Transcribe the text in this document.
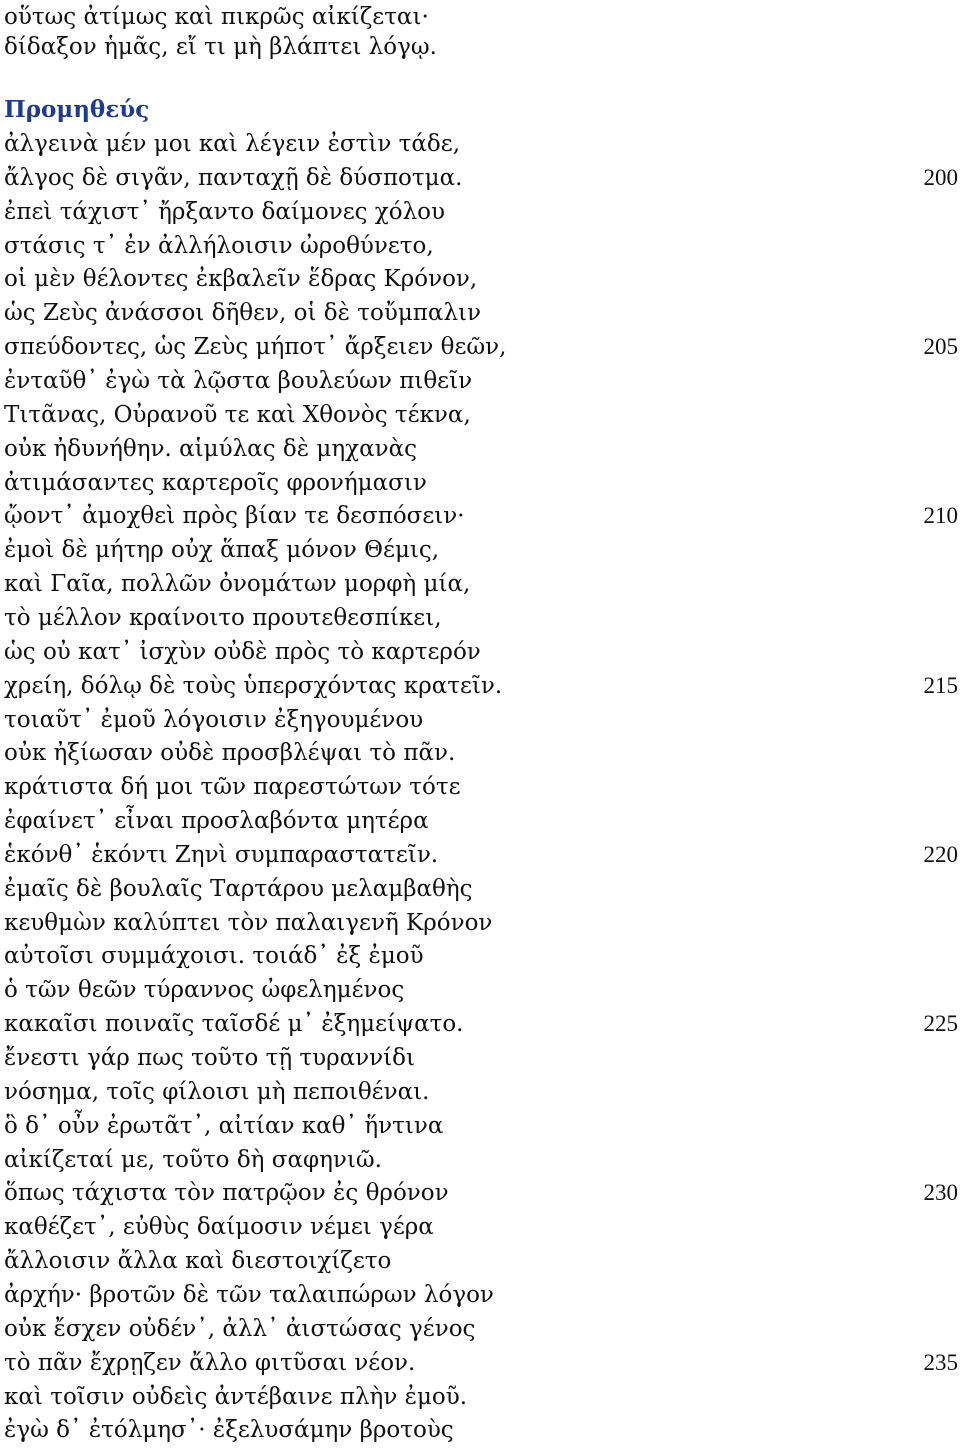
οὕτως ἀτίμως καὶ πικρῶς αἰκίζεται·
δίδαξον ἡμᾶς, εἴ τι μὴ βλάπτει λόγῳ.
Προμηθεύς
ἀλγεινὰ μέν μοι καὶ λέγειν ἐστὶν τάδε,
ἄλγος δὲ σιγᾶν, πανταχῇ δὲ δύσποτμα.	200
ἐπεὶ τάχιστ᾽ ἤρξαντο δαίμονες χόλου
στάσις τ᾽ ἐν ἀλλήλοισιν ὠροθύνετο,
οἱ μὲν θέλοντες ἐκβαλεῖν ἕδρας Κρόνον,
ὡς Ζεὺς ἀνάσσοι δῆθεν, οἱ δὲ τοὔμπαλιν
σπεύδοντες, ὡς Ζεὺς μήποτ᾽ ἄρξειεν θεῶν,	205
ἐνταῦθ᾽ ἐγὼ τὰ λῷστα βουλεύων πιθεῖν
Τιτᾶνας, Οὐρανοῦ τε καὶ Χθονὸς τέκνα,
οὐκ ἠδυνήθην. αἱμύλας δὲ μηχανὰς
ἀτιμάσαντες καρτεροῖς φρονήμασιν
ᾤοντ᾽ ἀμοχθεὶ πρὸς βίαν τε δεσπόσειν·	210
ἐμοὶ δὲ μήτηρ οὐχ ἅπαξ μόνον Θέμις,
καὶ Γαῖα, πολλῶν ὀνομάτων μορφὴ μία,
τὸ μέλλον κραίνοιτο προυτεθεσπίκει,
ὡς οὐ κατ᾽ ἰσχὺν οὐδὲ πρὸς τὸ καρτερόν
χρείη, δόλῳ δὲ τοὺς ὑπερσχόντας κρατεῖν.	215
τοιαῦτ᾽ ἐμοῦ λόγοισιν ἐξηγουμένου
οὐκ ἠξίωσαν οὐδὲ προσβλέψαι τὸ πᾶν.
κράτιστα δή μοι τῶν παρεστώτων τότε
ἐφαίνετ᾽ εἶναι προσλαβόντα μητέρα
ἑκόνθ᾽ ἑκόντι Ζηνὶ συμπαραστατεῖν.	220
ἐμαῖς δὲ βουλαῖς Ταρτάρου μελαμβαθὴς
κευθμὼν καλύπτει τὸν παλαιγενῆ Κρόνον
αὐτοῖσι συμμάχοισι. τοιάδ᾽ ἐξ ἐμοῦ
ὁ τῶν θεῶν τύραννος ὠφελημένος
κακαῖσι ποιναῖς ταῖσδέ μ᾽ ἐξημείψατο.	225
ἔνεστι γάρ πως τοῦτο τῇ τυραννίδι
νόσημα, τοῖς φίλοισι μὴ πεποιθέναι.
ὃ δ᾽ οὖν ἐρωτᾶτ᾽, αἰτίαν καθ᾽ ἥντινα
αἰκίζεταί με, τοῦτο δὴ σαφηνιῶ.
ὅπως τάχιστα τὸν πατρῷον ἐς θρόνον	230
καθέζετ᾽, εὐθὺς δαίμοσιν νέμει γέρα
ἄλλοισιν ἄλλα καὶ διεστοιχίζετο
ἀρχήν· βροτῶν δὲ τῶν ταλαιπώρων λόγον
οὐκ ἔσχεν οὐδέν᾽, ἀλλ᾽ ἀιστώσας γένος
τὸ πᾶν ἔχρῃζεν ἄλλο φιτῦσαι νέον.	235
καὶ τοῖσιν οὐδεὶς ἀντέβαινε πλὴν ἐμοῦ.
ἐγὼ δ᾽ ἐτόλμησ᾽· ἐξελυσάμην βροτοὺς
